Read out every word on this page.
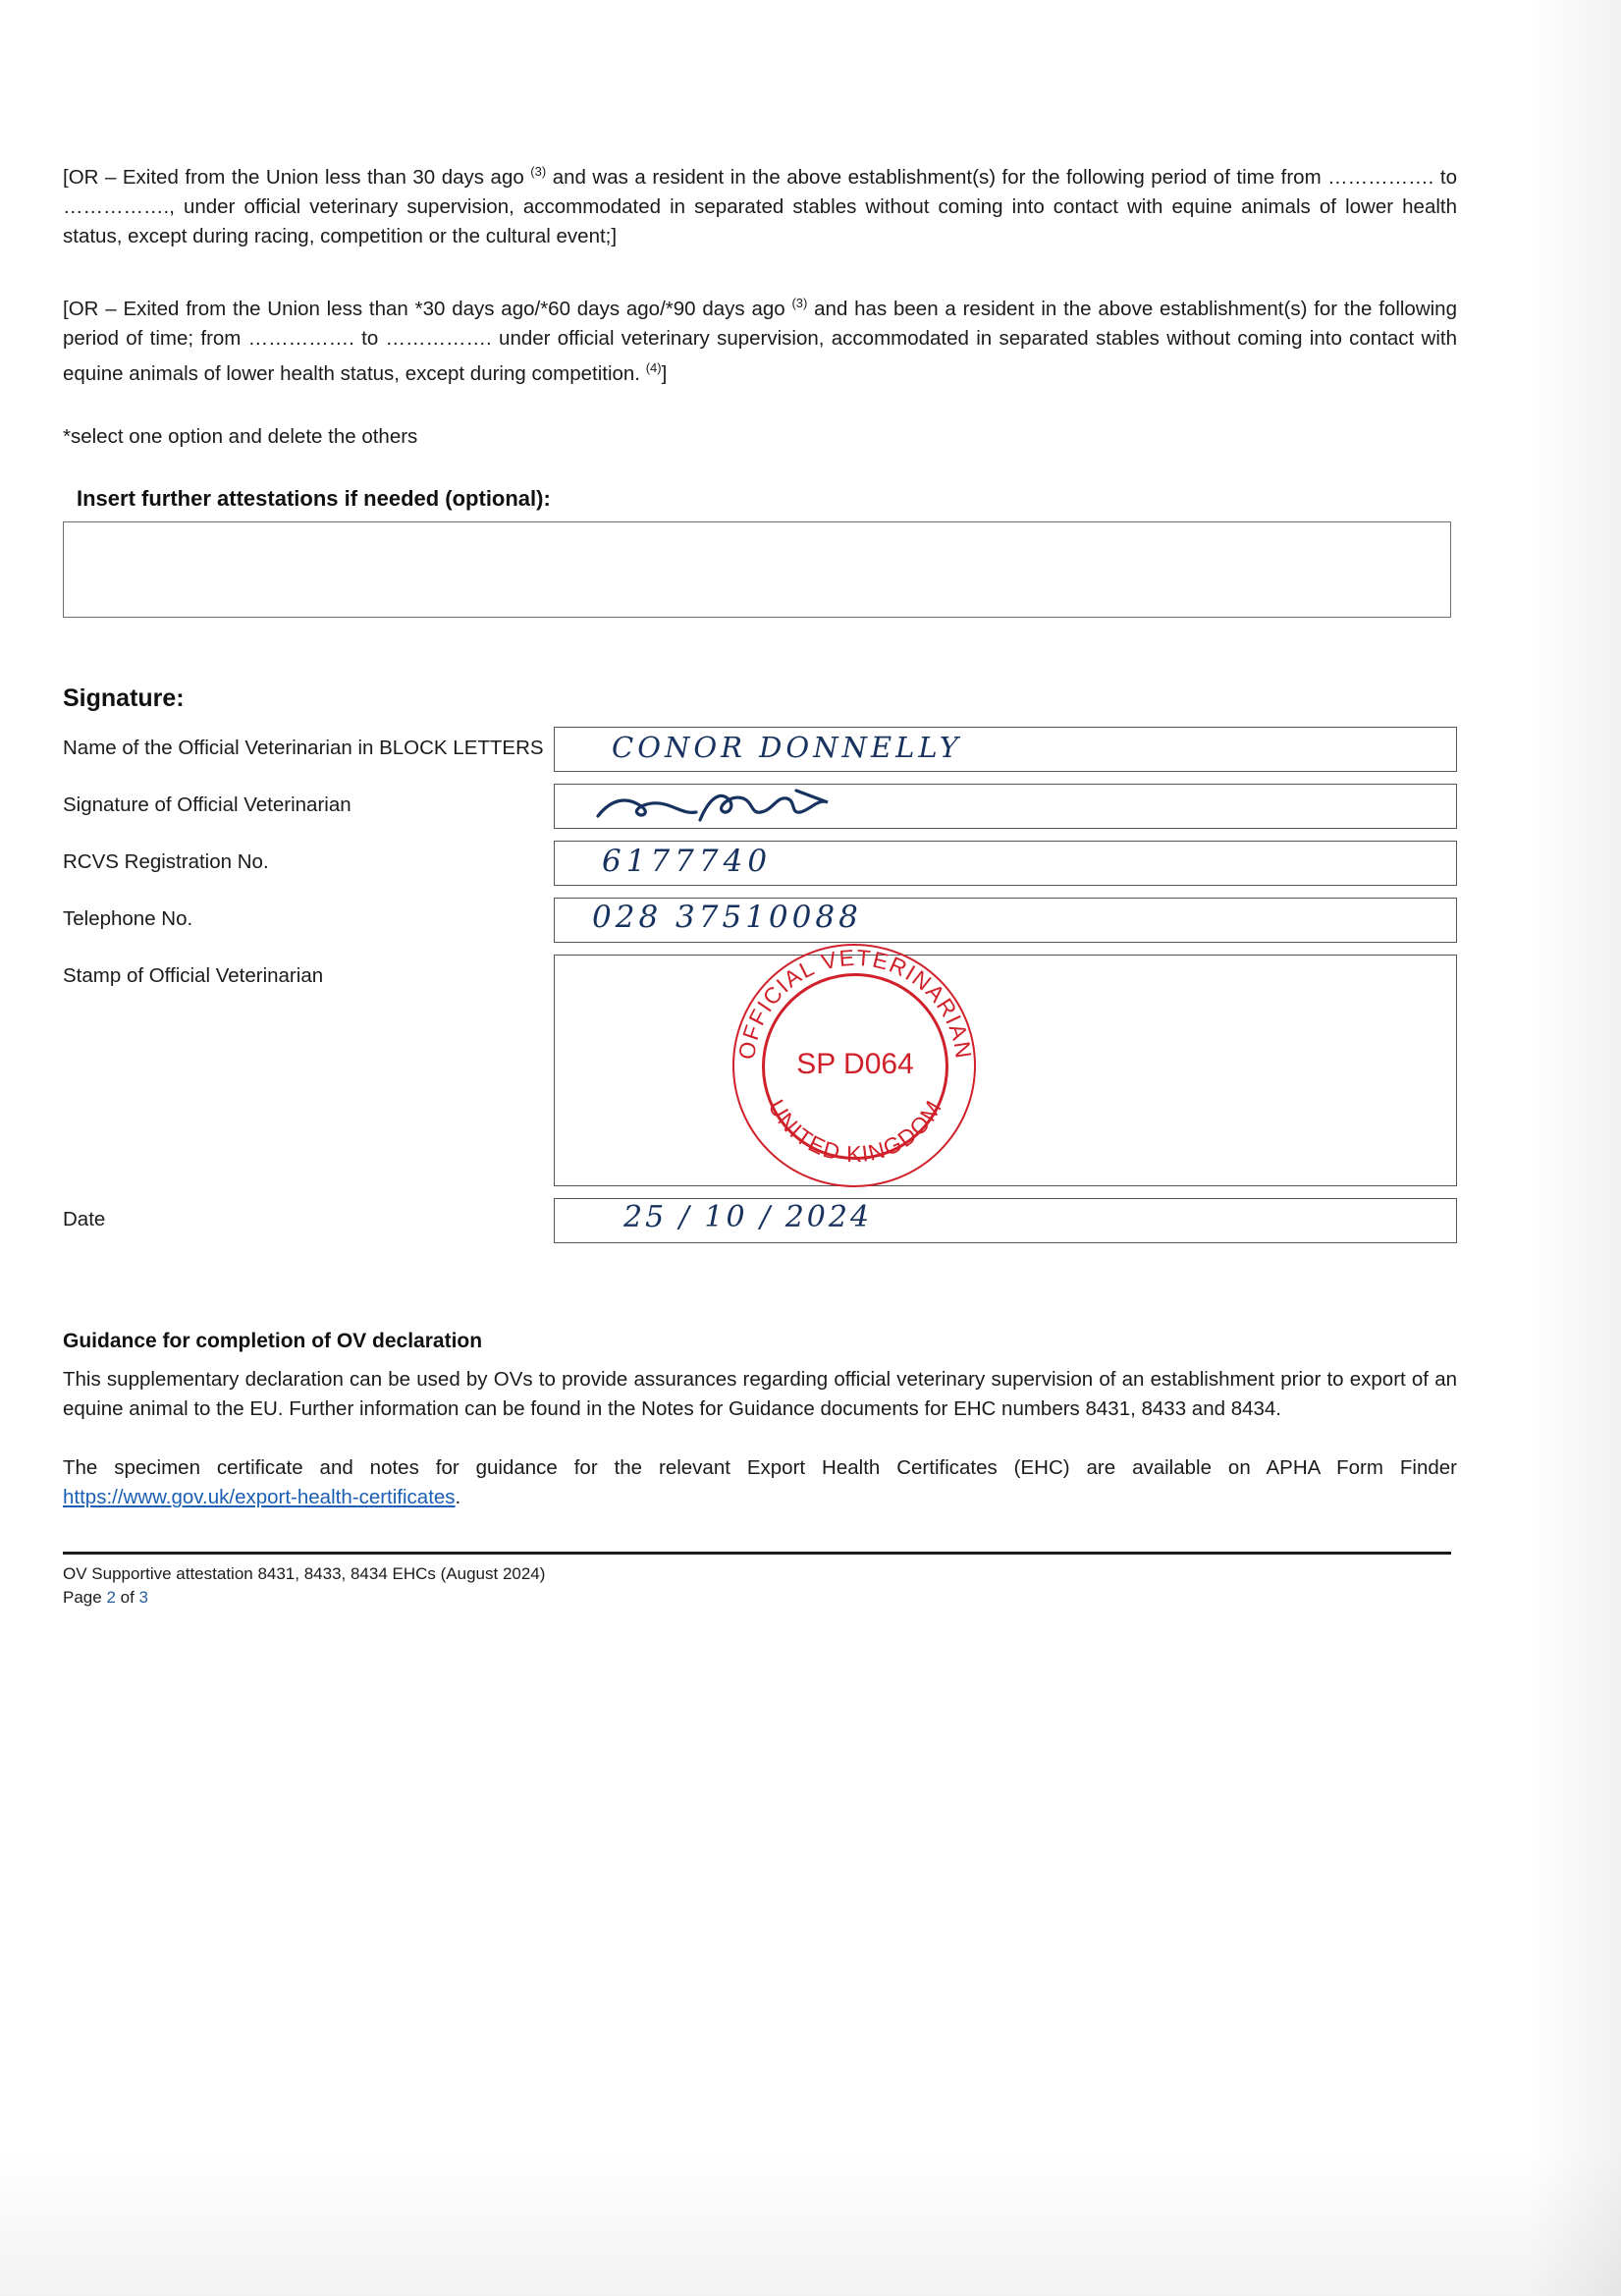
[OR – Exited from the Union less than 30 days ago $^{(3)}$ and was a resident in the above establishment(s) for the following period of time from ……………. to ……………., under official veterinary supervision, accommodated in separated stables without coming into contact with equine animals of lower health status, except during racing, competition or the cultural event;]

[OR – Exited from the Union less than *30 days ago/*60 days ago/*90 days ago $^{(3)}$ and has been a resident in the above establishment(s) for the following period of time; from ……………. to ……………. under official veterinary supervision, accommodated in separated stables without coming into contact with equine animals of lower health status, except during competition. $^{(4)}$]

*select one option and delete the others

Insert further attestations if needed (optional):
Signature:
Name of the Official Veterinarian in BLOCK LETTERS	CONOR DONNELLY
Signature of Official Veterinarian
RCVS Registration No.	6177740
Telephone No.	028 37510088
Stamp of Official Veterinarian
OFFICIAL VETERINARIAN
UNITED KINGDOM
SP D064
Date	25 / 10 / 2024
Guidance for completion of OV declaration

This supplementary declaration can be used by OVs to provide assurances regarding official veterinary supervision of an establishment prior to export of an equine animal to the EU. Further information can be found in the Notes for Guidance documents for EHC numbers 8431, 8433 and 8434.

The specimen certificate and notes for guidance for the relevant Export Health Certificates (EHC) are available on APHA Form Finder https://www.gov.uk/export-health-certificates.

OV Supportive attestation 8431, 8433, 8434 EHCs (August 2024)
Page 2 of 3
